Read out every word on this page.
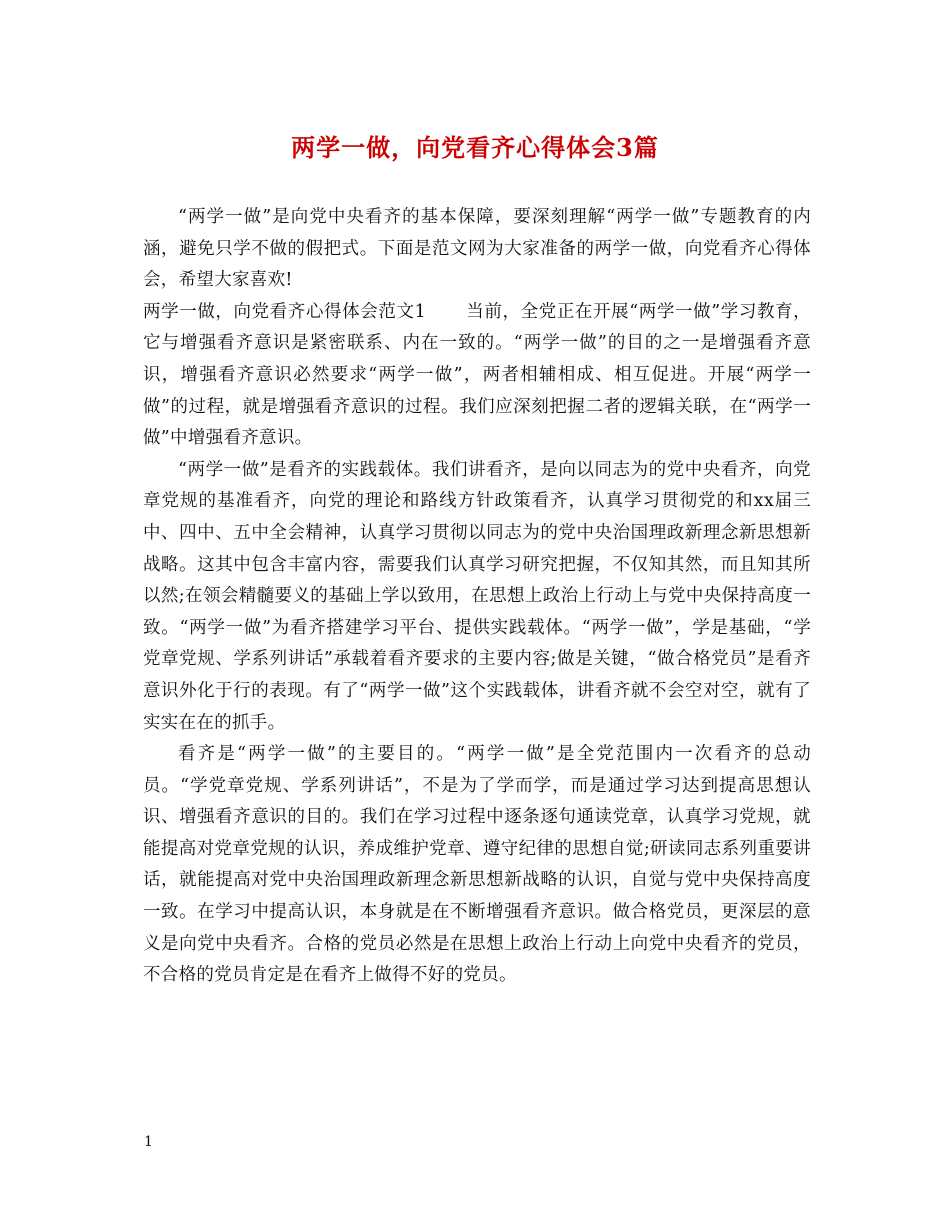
两学一做，向党看齐心得体会3篇

“两学一做”是向党中央看齐的基本保障，要深刻理解“两学一做”专题教育的内涵，避免只学不做的假把式。下面是范文网为大家准备的两学一做，向党看齐心得体会，希望大家喜欢!

两学一做，向党看齐心得体会范文1 当前，全党正在开展“两学一做”学习教育，它与增强看齐意识是紧密联系、内在一致的。“两学一做”的目的之一是增强看齐意识，增强看齐意识必然要求“两学一做”，两者相辅相成、相互促进。开展“两学一做”的过程，就是增强看齐意识的过程。我们应深刻把握二者的逻辑关联，在“两学一做”中增强看齐意识。

“两学一做”是看齐的实践载体。我们讲看齐，是向以同志为的党中央看齐，向党章党规的基准看齐，向党的理论和路线方针政策看齐，认真学习贯彻党的和xx届三中、四中、五中全会精神，认真学习贯彻以同志为的党中央治国理政新理念新思想新战略。这其中包含丰富内容，需要我们认真学习研究把握，不仅知其然，而且知其所以然;在领会精髓要义的基础上学以致用，在思想上政治上行动上与党中央保持高度一致。“两学一做”为看齐搭建学习平台、提供实践载体。“两学一做”，学是基础，“学党章党规、学系列讲话”承载着看齐要求的主要内容;做是关键，“做合格党员”是看齐意识外化于行的表现。有了“两学一做”这个实践载体，讲看齐就不会空对空，就有了实实在在的抓手。

看齐是“两学一做”的主要目的。“两学一做”是全党范围内一次看齐的总动员。“学党章党规、学系列讲话”，不是为了学而学，而是通过学习达到提高思想认识、增强看齐意识的目的。我们在学习过程中逐条逐句通读党章，认真学习党规，就能提高对党章党规的认识，养成维护党章、遵守纪律的思想自觉;研读同志系列重要讲话，就能提高对党中央治国理政新理念新思想新战略的认识，自觉与党中央保持高度一致。在学习中提高认识，本身就是在不断增强看齐意识。做合格党员，更深层的意义是向党中央看齐。合格的党员必然是在思想上政治上行动上向党中央看齐的党员，不合格的党员肯定是在看齐上做得不好的党员。

1
